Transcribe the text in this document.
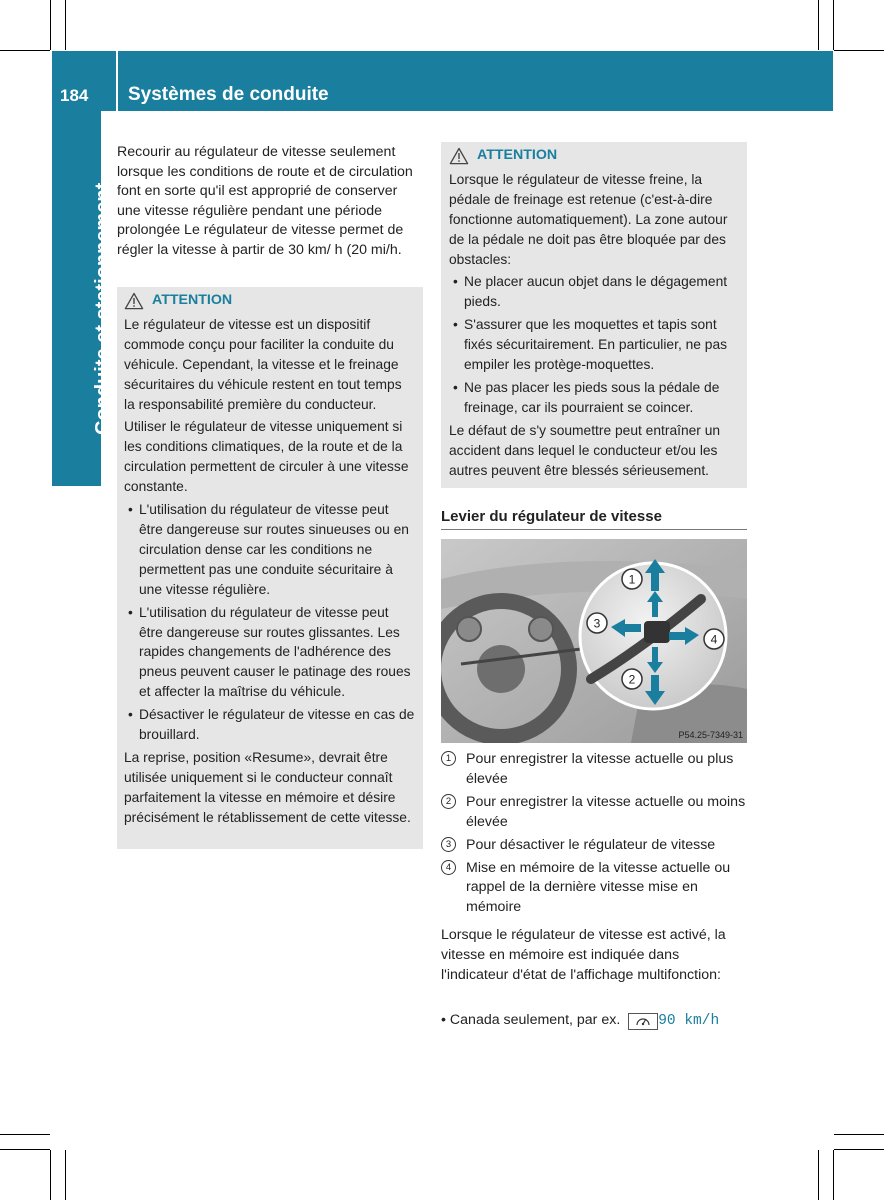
184 Systèmes de conduite
Conduite et stationnement

Recourir au régulateur de vitesse seulement lorsque les conditions de route et de circulation font en sorte qu'il est approprié de conserver une vitesse régulière pendant une période prolongée Le régulateur de vitesse permet de régler la vitesse à partir de 30 km/ h (20 mi/h.

ATTENTION

Le régulateur de vitesse est un dispositif commode conçu pour faciliter la conduite du véhicule. Cependant, la vitesse et le freinage sécuritaires du véhicule restent en tout temps la responsabilité première du conducteur.

Utiliser le régulateur de vitesse uniquement si les conditions climatiques, de la route et de la circulation permettent de circuler à une vitesse constante.

• L'utilisation du régulateur de vitesse peut être dangereuse sur routes sinueuses ou en circulation dense car les conditions ne permettent pas une conduite sécuritaire à une vitesse régulière.
• L'utilisation du régulateur de vitesse peut être dangereuse sur routes glissantes. Les rapides changements de l'adhérence des pneus peuvent causer le patinage des roues et affecter la maîtrise du véhicule.
• Désactiver le régulateur de vitesse en cas de brouillard.

La reprise, position «Resume», devrait être utilisée uniquement si le conducteur connaît parfaitement la vitesse en mémoire et désire précisément le rétablissement de cette vitesse.

ATTENTION

Lorsque le régulateur de vitesse freine, la pédale de freinage est retenue (c'est-à-dire fonctionne automatiquement). La zone autour de la pédale ne doit pas être bloquée par des obstacles:

• Ne placer aucun objet dans le dégagement pieds.
• S'assurer que les moquettes et tapis sont fixés sécuritairement. En particulier, ne pas empiler les protège-moquettes.
• Ne pas placer les pieds sous la pédale de freinage, car ils pourraient se coincer.

Le défaut de s'y soumettre peut entraîner un accident dans lequel le conducteur et/ou les autres peuvent être blessés sérieusement.

Levier du régulateur de vitesse
1
2
3
4
P54.25-7349-31
1	Pour enregistrer la vitesse actuelle ou plus élevée
2	Pour enregistrer la vitesse actuelle ou moins élevée
3	Pour désactiver le régulateur de vitesse
4	Mise en mémoire de la vitesse actuelle ou rappel de la dernière vitesse mise en mémoire

Lorsque le régulateur de vitesse est activé, la vitesse en mémoire est indiquée dans l'indicateur d'état de l'affichage multifonction:

• Canada seulement, par ex.	90 km/h
